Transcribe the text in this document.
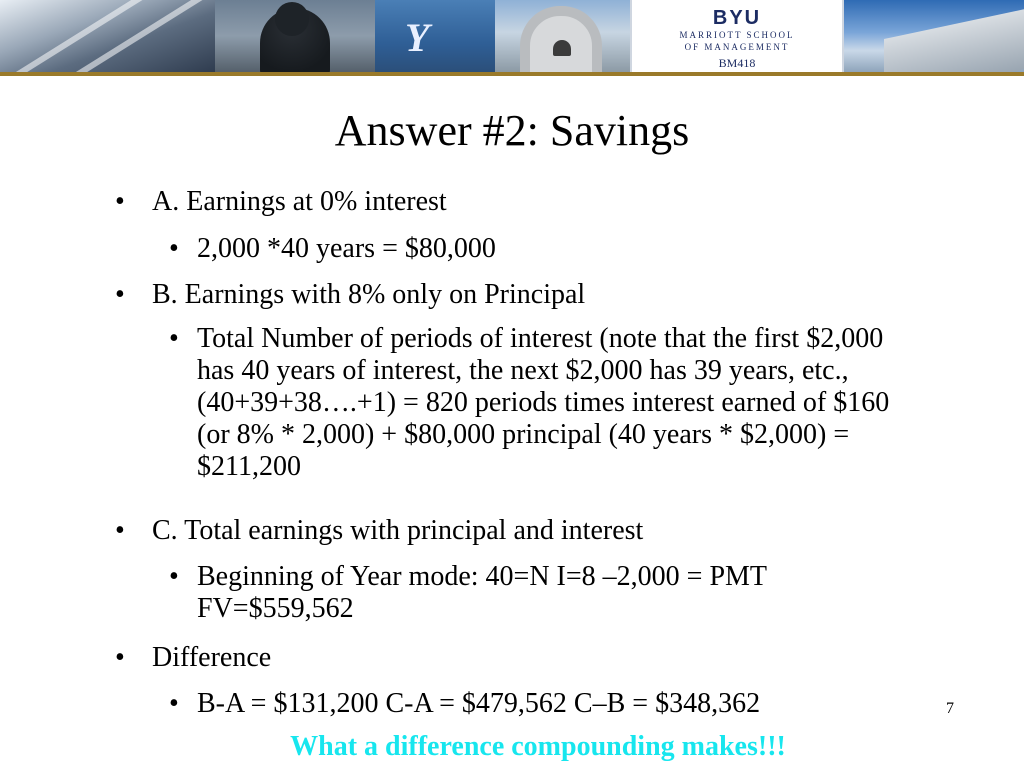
Y	BYU
MARRIOTT SCHOOL
OF MANAGEMENT
BM418
Answer #2: Savings
• A. Earnings at 0% interest
• 2,000 *40 years = $80,000
• B. Earnings with 8% only on Principal
• Total Number of periods of interest (note that the first $2,000 has 40 years of interest, the next $2,000 has 39 years, etc., (40+39+38….+1) = 820 periods times interest earned of $160 (or 8% * 2,000) + $80,000 principal (40 years * $2,000) = $211,200
• C. Total earnings with principal and interest
• Beginning of Year mode: 40=N I=8 –2,000 = PMT FV=$559,562
• Difference
• B-A = $131,200 C-A = $479,562 C–B = $348,362	7
What a difference compounding makes!!!
